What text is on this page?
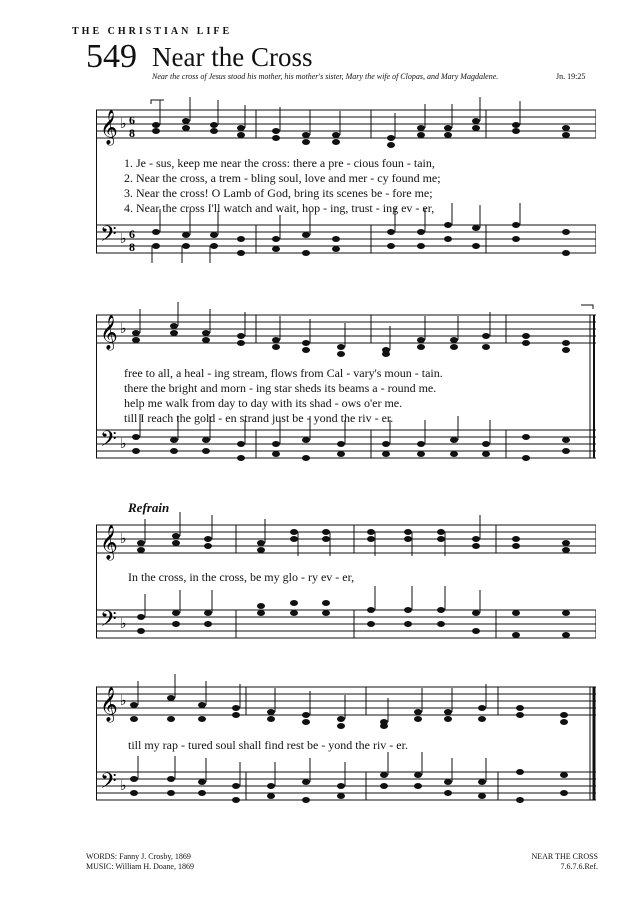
THE CHRISTIAN LIFE
549 Near the Cross
Near the cross of Jesus stood his mother, his mother's sister, Mary the wife of Clopas, and Mary Magdalene.	Jn. 19:25
𝄞
𝄢
♭
♭
6
8
6
8
1. Je - sus, keep me near the cross: there a pre - cious foun - tain,
2. Near the cross, a trem - bling soul, love and mer - cy found me;
3. Near the cross! O Lamb of God, bring its scenes be - fore me;
4. Near the cross I'll watch and wait, hop - ing, trust - ing ev - er,
𝄞
𝄢
♭
♭
free to all, a heal - ing stream, flows from Cal - vary's moun - tain.
there the bright and morn - ing star sheds its beams a - round me.
help me walk from day to day with its shad - ows o'er me.
till I reach the gold - en strand just be - yond the riv - er.
Refrain
𝄞
𝄢
♭
♭
In the cross, in the cross, be my glo - ry ev - er,
𝄞
𝄢
♭
♭
till my rap - tured soul shall find rest be - yond the riv - er.
WORDS: Fanny J. Crosby, 1869
MUSIC: William H. Doane, 1869
NEAR THE CROSS
7.6.7.6.Ref.
